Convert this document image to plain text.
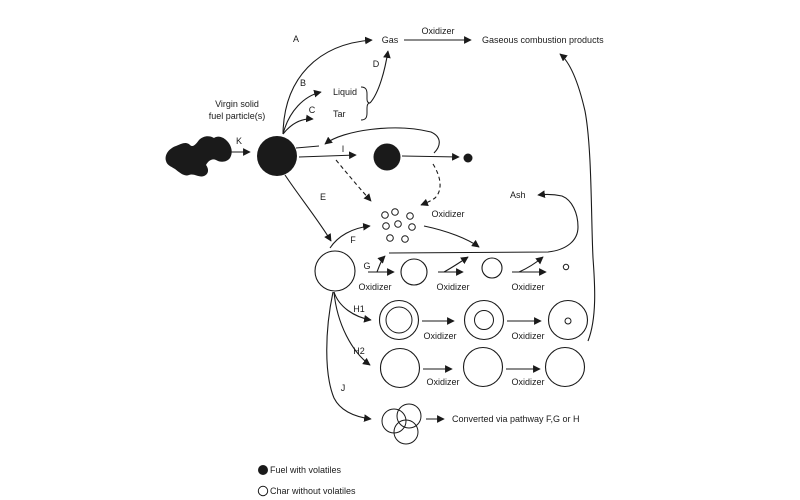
A	Gas
Oxidizer
Gaseous combustion products
B
C
Liquid
Tar
D
K
Virgin solid
fuel particle(s)
I
Oxidizer
E
F
Ash
G
Oxidizer	Oxidizer	Oxidizer
H1
H2
J
Oxidizer	Oxidizer
Oxidizer	Oxidizer
Converted via pathway F,G or H
Fuel with volatiles
Char without volatiles
